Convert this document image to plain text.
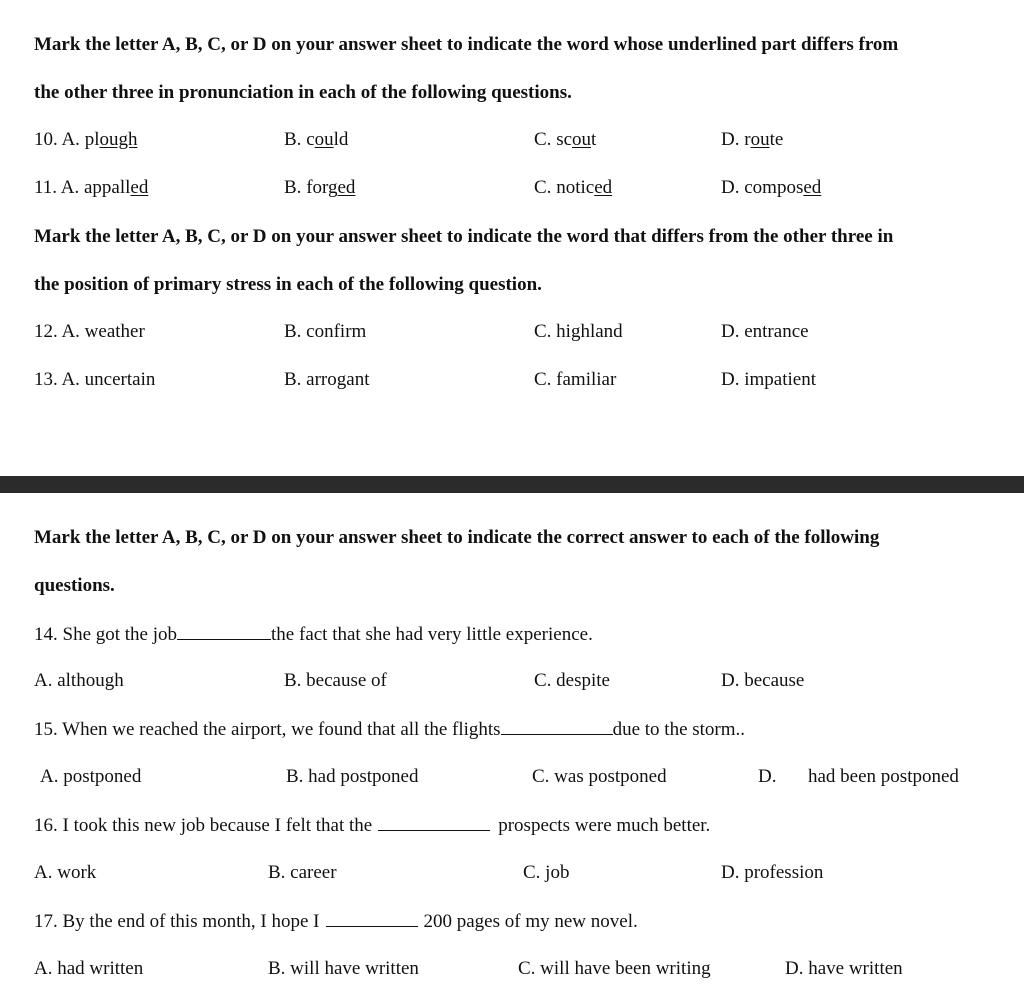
Mark the letter A, B, C, or D on your answer sheet to indicate the word whose underlined part differs from
the other three in pronunciation in each of the following questions.
10. A. plough	B. could	C. scout	D. route
11. A. appalled	B. forged	C. noticed	D. composed
Mark the letter A, B, C, or D on your answer sheet to indicate the word that differs from the other three in
the position of primary stress in each of the following question.
12. A. weather	B. confirm	C. highland	D. entrance
13. A. uncertain	B. arrogant	C. familiar	D. impatient
Mark the letter A, B, C, or D on your answer sheet to indicate the correct answer to each of the following
questions.
14. She got the job	the fact that she had very little experience.
A. although	B. because of	C. despite	D. because
15. When we reached the airport, we found that all the flights	due to the storm..
A. postponed	B. had postponed	C. was postponed	D. had been postponed
16. I took this new job because I felt that the	prospects were much better.
A. work	B. career	C. job	D. profession
17. By the end of this month, I hope I	200 pages of my new novel.
A. had written	B. will have written	C. will have been writing	D. have written
